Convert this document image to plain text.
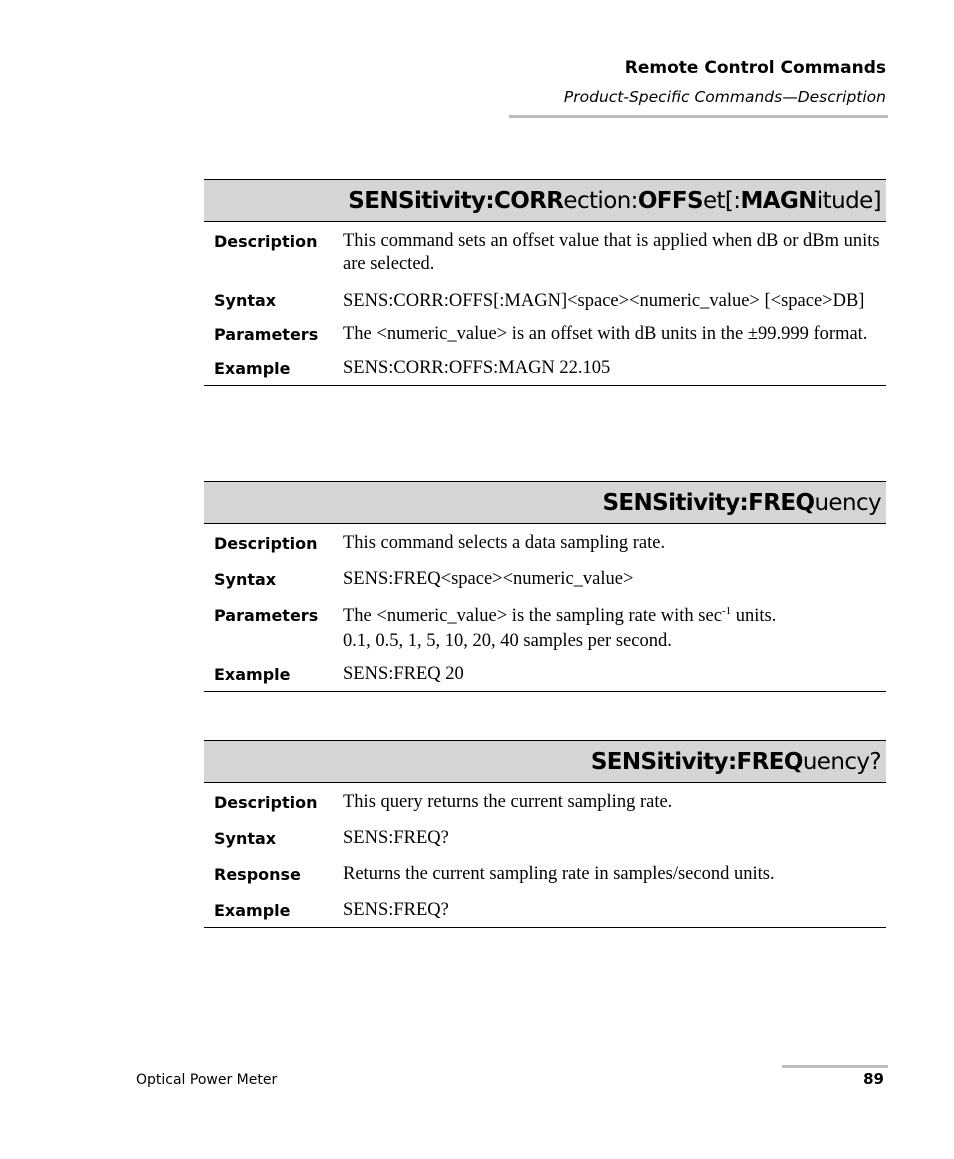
Remote Control Commands
Product-Specific Commands—Description
SENSitivity:CORRection:OFFSet[:MAGNitude]
Description	This command sets an offset value that is applied when dB or dBm units are selected.
Syntax	SENS:CORR:OFFS[:MAGN]<space><numeric_value> [<space>DB]
Parameters	The <numeric_value> is an offset with dB units in the ±99.999 format.
Example	SENS:CORR:OFFS:MAGN 22.105
SENSitivity:FREQuency
Description	This command selects a data sampling rate.
Syntax	SENS:FREQ<space><numeric_value>
Parameters	The <numeric_value> is the sampling rate with $\sec^{-1}$ units.
0.1, 0.5, 1, 5, 10, 20, 40 samples per second.
Example	SENS:FREQ 20
SENSitivity:FREQuency?
Description	This query returns the current sampling rate.
Syntax	SENS:FREQ?
Response	Returns the current sampling rate in samples/second units.
Example	SENS:FREQ?
Optical Power Meter	89
